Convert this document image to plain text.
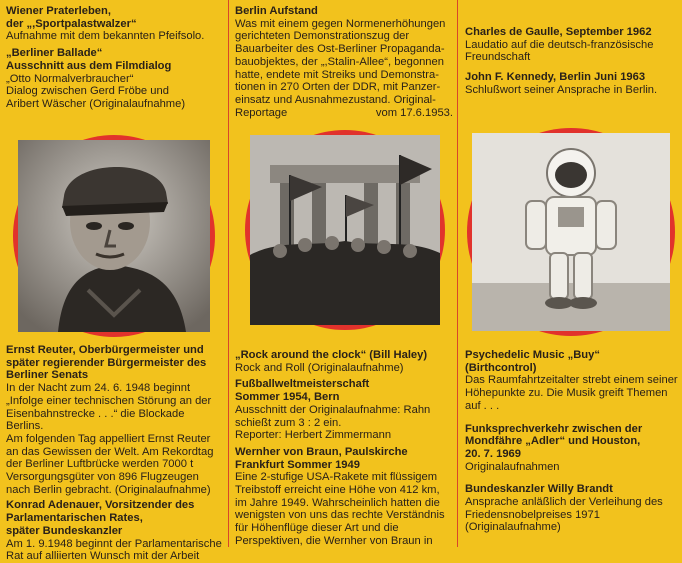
Wiener Praterleben,
der „,Sportpalastwalzer“
Aufnahme mit dem bekannten Pfeifsolo.
„Berliner Ballade“
Ausschnitt aus dem Filmdialog
„Otto Normalverbraucher“
Dialog zwischen Gerd Fröbe und
Aribert Wäscher (Originalaufnahme)
Ernst Reuter, Oberbürgermeister und
später regierender Bürgermeister des
Berliner Senats
In der Nacht zum 24. 6. 1948 beginnt
„Infolge einer technischen Störung an der
Eisenbahnstrecke . . .“ die Blockade Berlins.
Am folgenden Tag appelliert Ernst Reuter
an das Gewissen der Welt. Am Rekordtag
der Berliner Luftbrücke werden 7000 t
Versorgungsgüter von 896 Flugzeugen
nach Berlin gebracht. (Originalaufnahme)
Konrad Adenauer, Vorsitzender des
Parlamentarischen Rates,
später Bundeskanzler
Am 1. 9.1948 beginnt der Parlamentarische
Rat auf alliierten Wunsch mit der Arbeit
Berlin Aufstand
Was mit einem gegen Normenerhöhungen
gerichteten Demonstrationszug der
Bauarbeiter des Ost-Berliner Propaganda-
bauobjektes, der „,Stalin-Allee“, begonnen
hatte, endete mit Streiks und Demonstra-
tionen in 270 Orten der DDR, mit Panzer-
einsatz und Ausnahmezustand. Original-
Reportage	vom 17.6.1953.
„Rock around the clock“ (Bill Haley)
Rock and Roll (Originalaufnahme)
Fußballweltmeisterschaft
Sommer 1954, Bern
Ausschnitt der Originalaufnahme: Rahn
schießt zum 3 : 2 ein.
Reporter: Herbert Zimmermann
Wernher von Braun, Paulskirche
Frankfurt Sommer 1949
Eine 2-stufige USA-Rakete mit flüssigem
Treibstoff erreicht eine Höhe von 412 km,
im Jahre 1949. Wahrscheinlich hatten die
wenigsten von uns das rechte Verständnis
für Höhenflüge dieser Art und die
Perspektiven, die Wernher von Braun in
Charles de Gaulle, September 1962
Laudatio auf die deutsch-französische
Freundschaft
John F. Kennedy, Berlin Juni 1963
Schlußwort seiner Ansprache in Berlin.
Psychedelic Music „Buy“
(Birthcontrol)
Das Raumfahrtzeitalter strebt einem seiner
Höhepunkte zu. Die Musik greift Themen
auf . . .
Funksprechverkehr zwischen der
Mondfähre „Adler“ und Houston,
20. 7. 1969
Originalaufnahmen
Bundeskanzler Willy Brandt
Ansprache anläßlich der Verleihung des
Friedensnobelpreises 1971
(Originalaufnahme)
